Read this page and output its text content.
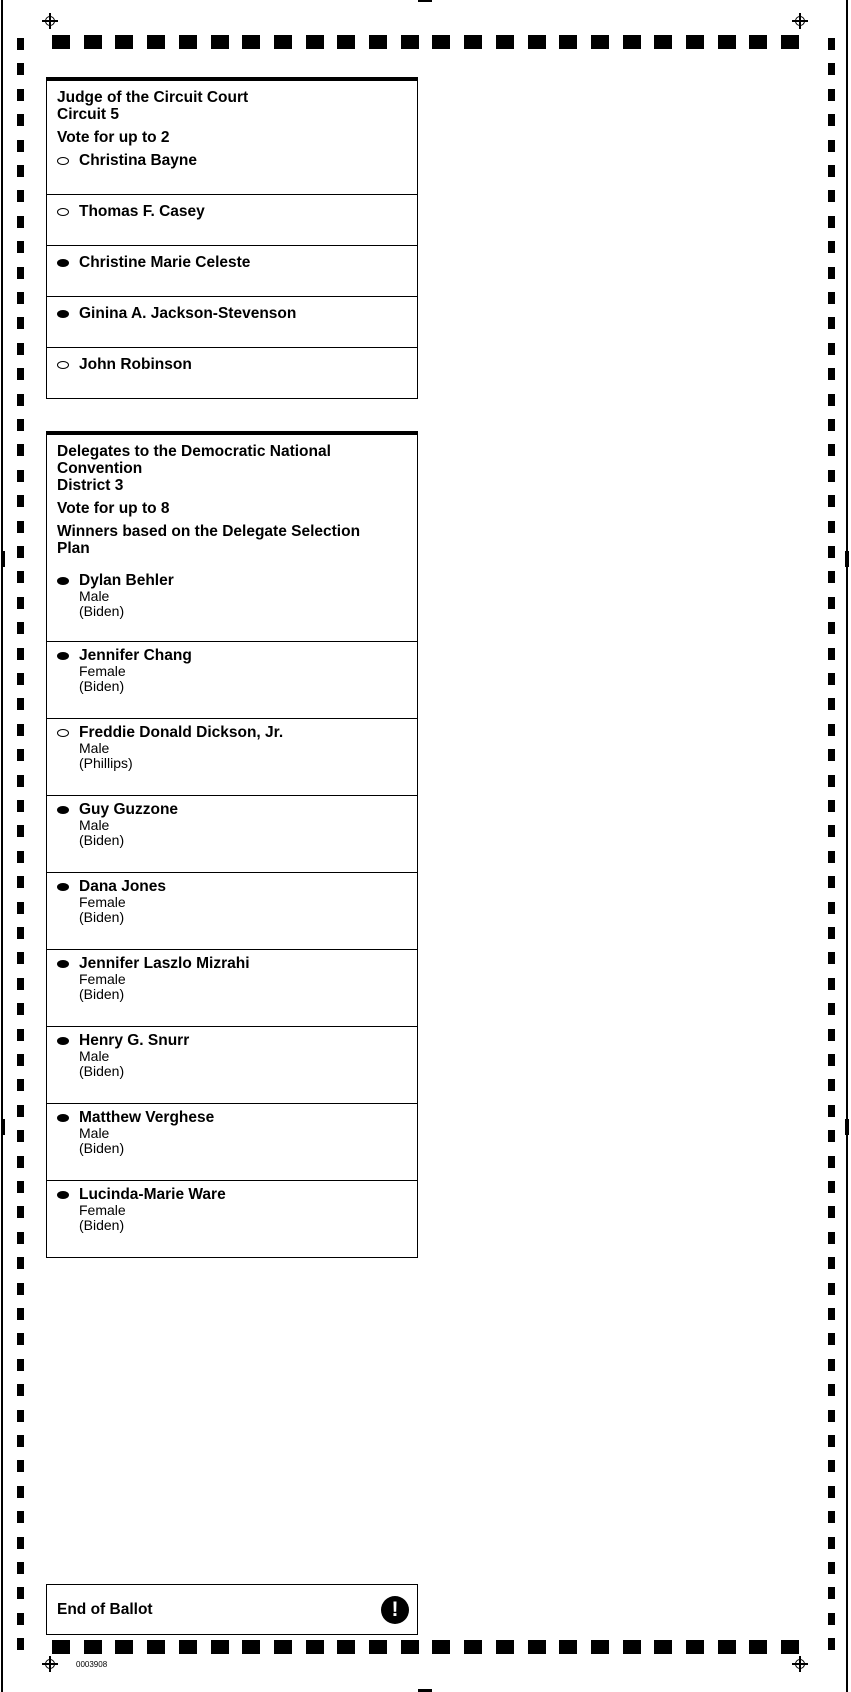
Judge of the Circuit Court
Circuit 5
Vote for up to 2
Christina Bayne
Thomas F. Casey
Christine Marie Celeste
Ginina A. Jackson-Stevenson
John Robinson
Delegates to the Democratic National
Convention
District 3
Vote for up to 8
Winners based on the Delegate Selection
Plan
Dylan Behler
Male
(Biden)
Jennifer Chang
Female
(Biden)
Freddie Donald Dickson, Jr.
Male
(Phillips)
Guy Guzzone
Male
(Biden)
Dana Jones
Female
(Biden)
Jennifer Laszlo Mizrahi
Female
(Biden)
Henry G. Snurr
Male
(Biden)
Matthew Verghese
Male
(Biden)
Lucinda-Marie Ware
Female
(Biden)
End of Ballot	!
0003908
